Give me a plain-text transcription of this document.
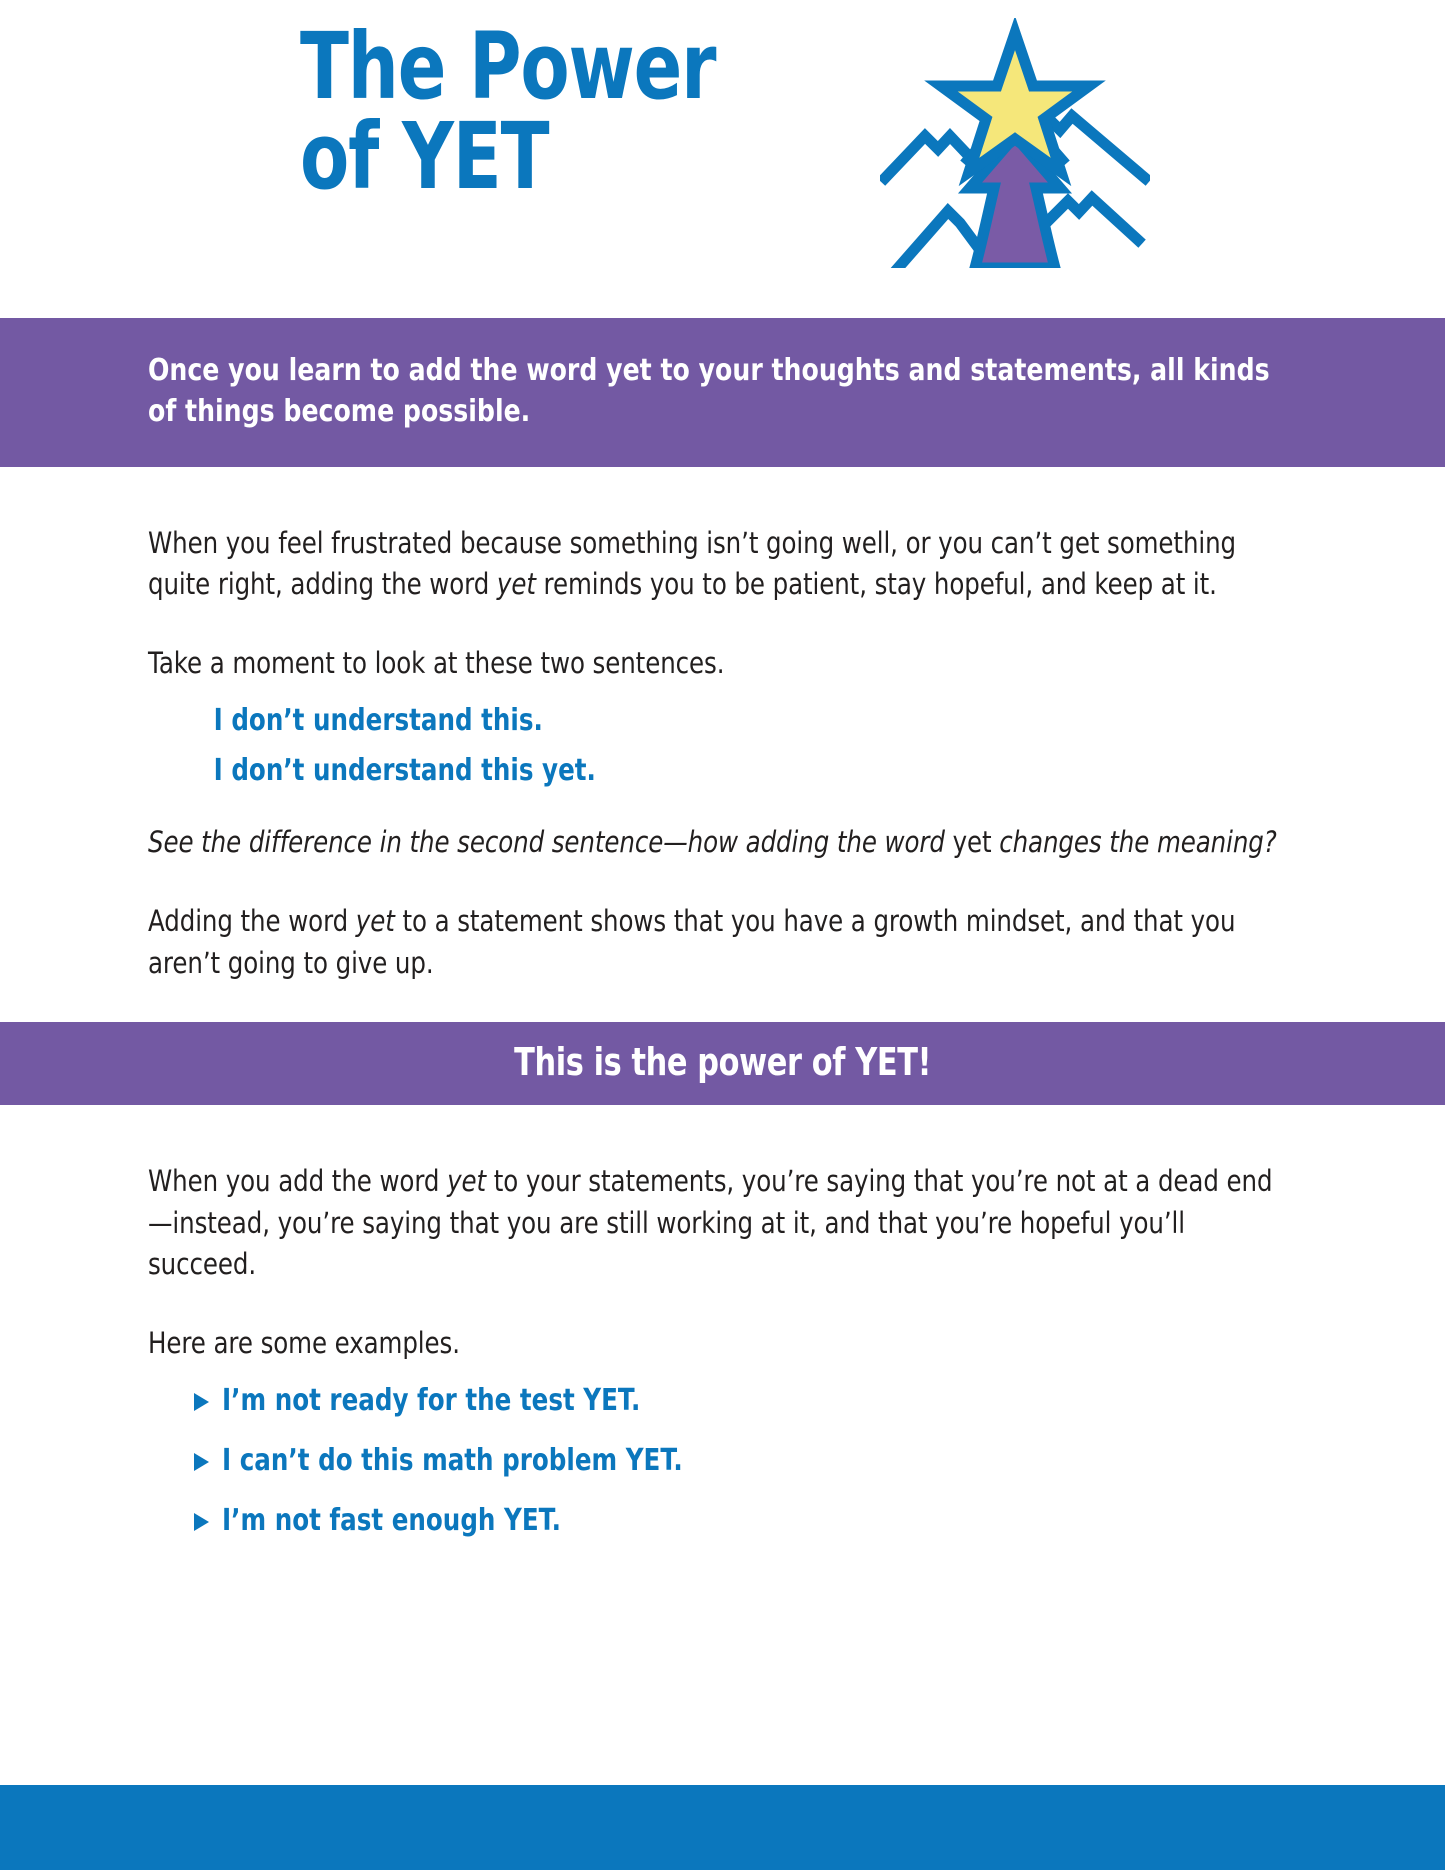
The Power
of YET
Once you learn to add the word yet to your thoughts and statements, all kinds of things become possible.

When you feel frustrated because something isn’t going well, or you can’t get something quite right, adding the word yet reminds you to be patient, stay hopeful, and keep at it.

Take a moment to look at these two sentences.

I don’t understand this.
I don’t understand this yet.

See the difference in the second sentence—how adding the word yet changes the meaning?

Adding the word yet to a statement shows that you have a growth mindset, and that you aren’t going to give up.

This is the power of YET!

When you add the word yet to your statements, you’re saying that you’re not at a dead end—instead, you’re saying that you are still working at it, and that you’re hopeful you’ll succeed.

Here are some examples.

I’m not ready for the test YET.
I can’t do this math problem YET.
I’m not fast enough YET.
